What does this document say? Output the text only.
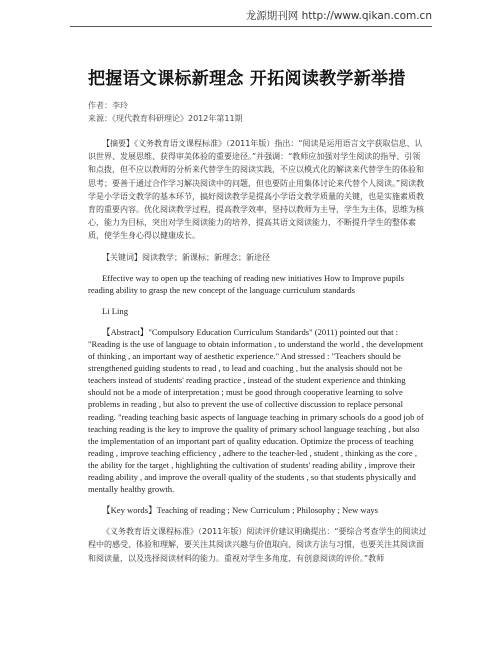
龙源期刊网 http://www.qikan.com.cn
把握语文课标新理念 开拓阅读教学新举措

作者：李玲

来源：《现代教育科研理论》2012年第11期

【摘要】《义务教育语文课程标准》（2011年版）指出：“阅读是运用语言文字获取信息、认识世界、发展思维、获得审美体验的重要途径。”并强调：“教师应加强对学生阅读的指导、引领和点拨，但不应以教师的分析来代替学生的阅读实践，不应以模式化的解读来代替学生的体验和思考；要善于通过合作学习解决阅读中的问题，但也要防止用集体讨论来代替个人阅读。”阅读教学是小学语文教学的基本环节，搞好阅读教学是提高小学语文教学质量的关键，也是实施素质教育的重要内容。优化阅读教学过程，提高教学效率，坚持以教师为主导，学生为主体，思维为核心，能力为目标，突出对学生阅读能力的培养，提高其语文阅读能力，不断提升学生的整体素质，使学生身心得以健康成长。

【关键词】阅读教学；新课标；新理念；新途径

Effective way to open up the teaching of reading new initiatives How to Improve pupils reading ability to grasp the new concept of the language curriculum standards

Li Ling

【Abstract】"Compulsory Education Curriculum Standards" (2011) pointed out that : "Reading is the use of language to obtain information , to understand the world , the development of thinking , an important way of aesthetic experience." And stressed : "Teachers should be strengthened guiding students to read , to lead and coaching , but the analysis should not be teachers instead of students' reading practice , instead of the student experience and thinking should not be a mode of interpretation ; must be good through cooperative learning to solve problems in reading , but also to prevent the use of collective discussion to replace personal reading. "reading teaching basic aspects of language teaching in primary schools do a good job of teaching reading is the key to improve the quality of primary school language teaching , but also the implementation of an important part of quality education. Optimize the process of teaching reading , improve teaching efficiency , adhere to the teacher-led , student , thinking as the core , the ability for the target , highlighting the cultivation of students' reading ability , improve their reading ability , and improve the overall quality of the students , so that students physically and mentally healthy growth.

【Key words】Teaching of reading ; New Curriculum ; Philosophy ; New ways

《义务教育语文课程标准》（2011年版）阅读评价建议明确提出：“要综合考查学生的阅读过程中的感受、体验和理解，要关注其阅读兴趣与价值取向、阅读方法与习惯，也要关注其阅读面和阅读量，以及选择阅读材料的能力。重视对学生多角度、有创意阅读的评价。”教师
